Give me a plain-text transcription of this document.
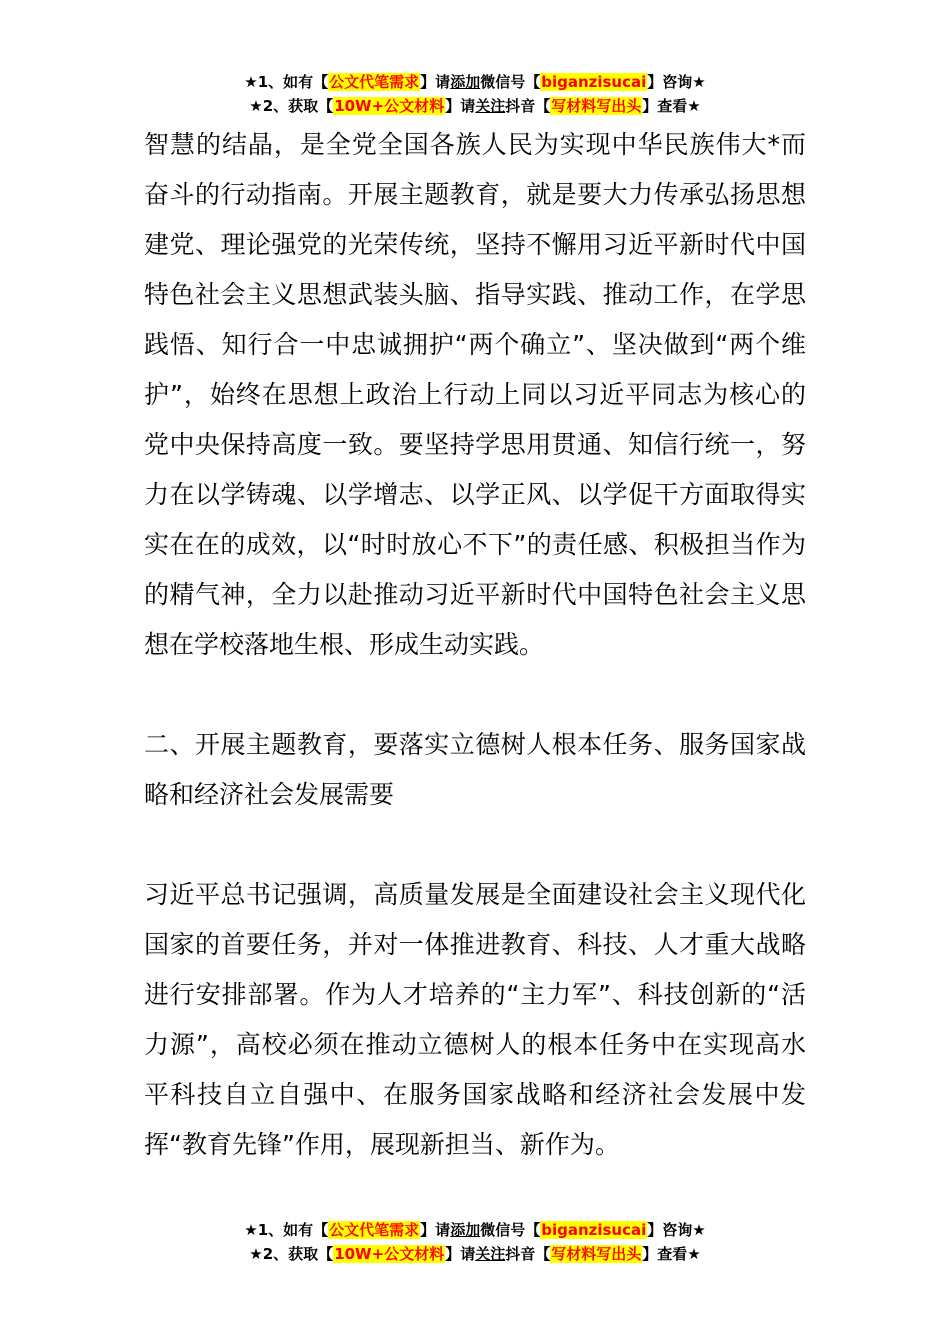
★1、如有【公文代笔需求】请添加微信号【biganzisucai】咨询★
★2、获取【10W+公文材料】请关注抖音【写材料写出头】查看★

智慧的结晶，是全党全国各族人民为实现中华民族伟大*而奋斗的行动指南。开展主题教育，就是要大力传承弘扬思想建党、理论强党的光荣传统，坚持不懈用习近平新时代中国特色社会主义思想武装头脑、指导实践、推动工作，在学思践悟、知行合一中忠诚拥护“两个确立”、坚决做到“两个维护”，始终在思想上政治上行动上同以习近平同志为核心的党中央保持高度一致。要坚持学思用贯通、知信行统一，努力在以学铸魂、以学增志、以学正风、以学促干方面取得实实在在的成效，以“时时放心不下”的责任感、积极担当作为的精气神，全力以赴推动习近平新时代中国特色社会主义思想在学校落地生根、形成生动实践。

二、开展主题教育，要落实立德树人根本任务、服务国家战略和经济社会发展需要

习近平总书记强调，高质量发展是全面建设社会主义现代化国家的首要任务，并对一体推进教育、科技、人才重大战略进行安排部署。作为人才培养的“主力军”、科技创新的“活力源”，高校必须在推动立德树人的根本任务中在实现高水平科技自立自强中、在服务国家战略和经济社会发展中发挥“教育先锋”作用，展现新担当、新作为。

★1、如有【公文代笔需求】请添加微信号【biganzisucai】咨询★
★2、获取【10W+公文材料】请关注抖音【写材料写出头】查看★
